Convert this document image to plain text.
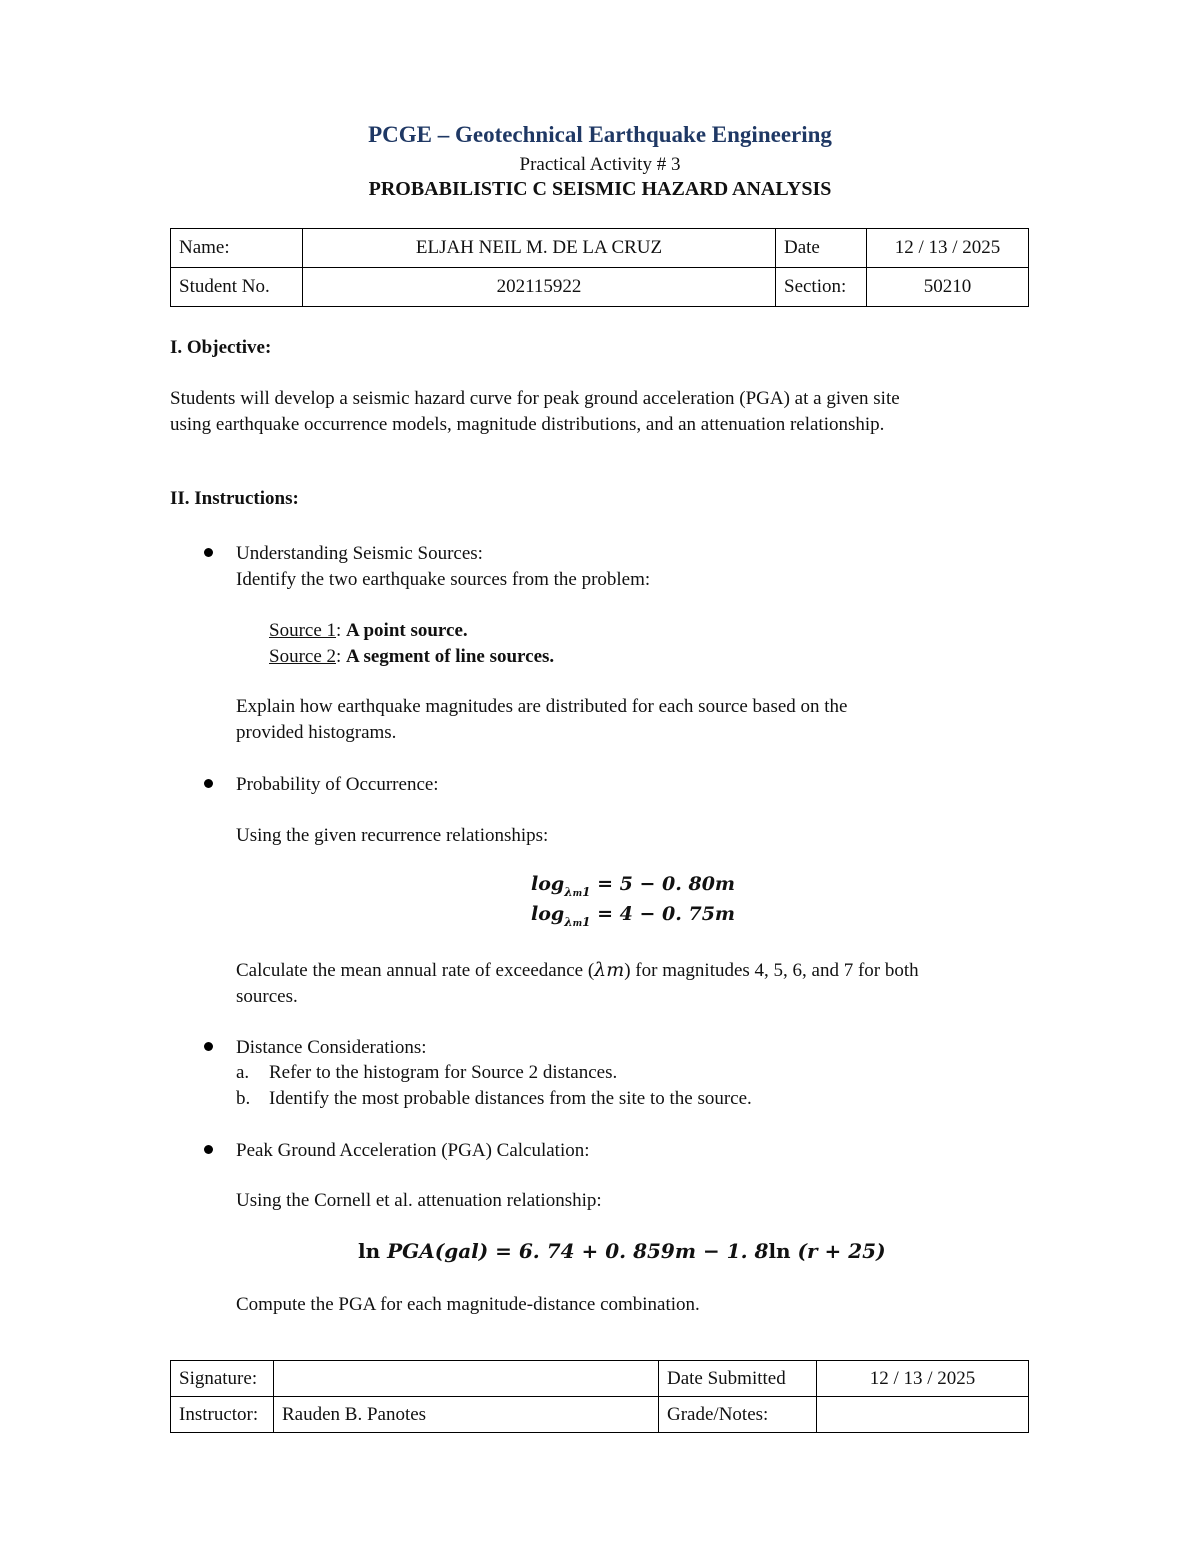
PCGE – Geotechnical Earthquake Engineering
Practical Activity # 3
PROBABILISTIC C SEISMIC HAZARD ANALYSIS
Name:	ELJAH NEIL M. DE LA CRUZ	Date	12 / 13 / 2025
Student No.	202115922	Section:	50210
I. Objective:
Students will develop a seismic hazard curve for peak ground acceleration (PGA) at a given site
using earthquake occurrence models, magnitude distributions, and an attenuation relationship.
II. Instructions:
Understanding Seismic Sources:
Identify the two earthquake sources from the problem:
Source 1: A point source.
Source 2: A segment of line sources.
Explain how earthquake magnitudes are distributed for each source based on the
provided histograms.
Probability of Occurrence:
Using the given recurrence relationships:
$\log_{\lambda m1} = 5 - 0$. 80m
$\log_{\lambda m1} = 4 - 0$. 75m
Calculate the mean annual rate of exceedance (λm) for magnitudes 4, 5, 6, and 7 for both
sources.
Distance Considerations:
a. Refer to the histogram for Source 2 distances.
b. Identify the most probable distances from the site to the source.
Peak Ground Acceleration (PGA) Calculation:
Using the Cornell et al. attenuation relationship:
ln PGA(gal) = 6. 74 + 0. 859m − 1. 8ln (r + 25)
Compute the PGA for each magnitude-distance combination.
Signature:		Date Submitted	12 / 13 / 2025
Instructor:	Rauden B. Panotes	Grade/Notes:	
